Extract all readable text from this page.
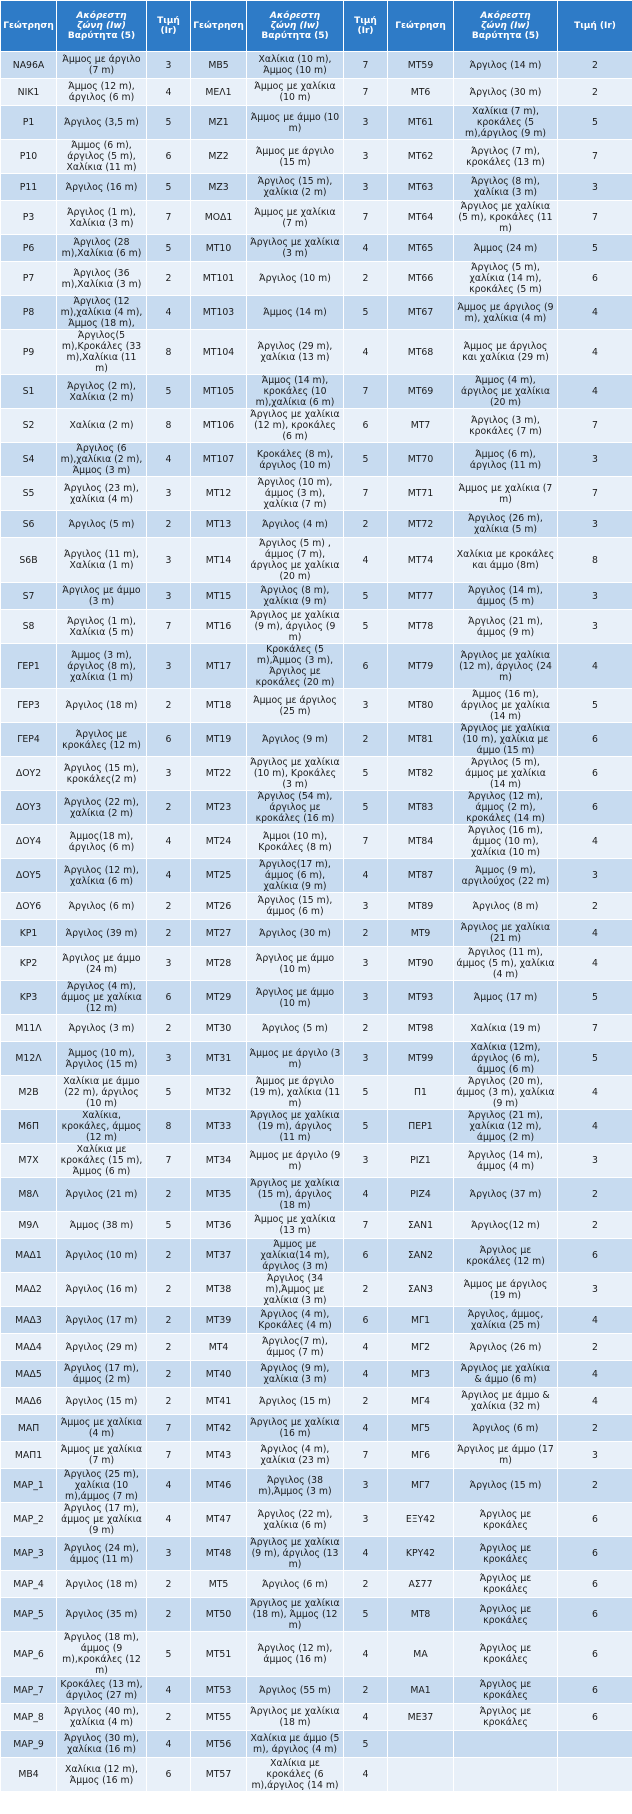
Γεώτρηση	Ακόρεστη
ζώνη (Iw)
Βαρύτητα (5)	Τιμή
(Ir)	Γεώτρηση	Ακόρεστη
ζώνη (Iw)
Βαρύτητα (5)	Τιμή
(Ir)	Γεώτρηση	Ακόρεστη
ζώνη (Iw)
Βαρύτητα (5)	Τιμή (Ir)
ΝΑ96Α	Άμμος με άργιλο (7 m)	3	ΜΒ5	Χαλίκια (10 m), Άμμος (10 m)	7	ΜΤ59	Άργιλος (14 m)	2
ΝΙΚ1	Άμμος (12 m), άργιλος (6 m)	4	ΜΕΛ1	Άμμος με χαλίκια (10 m)	7	ΜΤ6	Άργιλος (30 m)	2
Ρ1	Άργιλος (3,5 m)	5	ΜΖ1	Άμμος με άμμο (10 m)	3	ΜΤ61	Χαλίκια (7 m), κροκάλες (5 m),άργιλος (9 m)	5
Ρ10	Άμμος (6 m), άργιλος (5 m), Χαλίκια (11 m)	6	ΜΖ2	Άμμος με άργιλο (15 m)	3	ΜΤ62	Άργιλος (7 m), κροκάλες (13 m)	7
Ρ11	Άργιλος (16 m)	5	ΜΖ3	Άργιλος (15 m), χαλίκια (2 m)	3	ΜΤ63	Άργιλος (8 m), χαλίκια (3 m)	3
Ρ3	Άργιλος (1 m), Χαλίκια (3 m)	7	ΜΟΔ1	Άμμος με χαλίκια (7 m)	7	ΜΤ64	Άργιλος με χαλίκια (5 m), κροκάλες (11 m)	7
Ρ6	Άργιλος (28 m),Χαλίκια (6 m)	5	ΜΤ10	Άργιλος με χαλίκια (3 m)	4	ΜΤ65	Άμμος (24 m)	5
Ρ7	Άργιλος (36 m),Χαλίκια (3 m)	2	ΜΤ101	Άργιλος (10 m)	2	ΜΤ66	Άργιλος (5 m), χαλίκια (14 m), κροκάλες (5 m)	6
Ρ8	Άργιλος (12 m),χαλίκια (4 m), Άμμος (18 m),	4	ΜΤ103	Άμμος (14 m)	5	ΜΤ67	Άμμος με άργιλος (9 m), χαλίκια (4 m)	4
Ρ9	Άργιλος(5 m),Κροκάλες (33 m),Χαλίκια (11 m)	8	ΜΤ104	Άργιλος (29 m), χαλίκια (13 m)	4	ΜΤ68	Άμμος με άργιλος και χαλίκια (29 m)	4
S1	Άργιλος (2 m), Χαλίκια (2 m)	5	ΜΤ105	Άμμος (14 m), κροκάλες (10 m),χαλίκια (6 m)	7	ΜΤ69	Άμμος (4 m), άργιλος με χαλίκια (20 m)	4
S2	Χαλίκια (2 m)	8	ΜΤ106	Άργιλος με χαλίκια (12 m), κροκάλες (6 m)	6	ΜΤ7	Άργιλος (3 m), κροκάλες (7 m)	7
S4	Άργιλος (6 m),χαλίκια (2 m), Άμμος (3 m)	4	ΜΤ107	Κροκάλες (8 m), άργιλος (10 m)	5	ΜΤ70	Άμμος (6 m), άργιλος (11 m)	3
S5	Άργιλος (23 m), χαλίκια (4 m)	3	ΜΤ12	Άργιλος (10 m), άμμος (3 m), χαλίκια (7 m)	7	ΜΤ71	Άμμος με χαλίκια (7 m)	7
S6	Άργιλος (5 m)	2	ΜΤ13	Άργιλος (4 m)	2	ΜΤ72	Άργιλος (26 m), χαλίκια (5 m)	3
S6B	Άργιλος (11 m), Χαλίκια (1 m)	3	ΜΤ14	Άργιλος (5 m) , άμμος (7 m), άργιλος με χαλίκια (20 m)	4	ΜΤ74	Χαλίκια με κροκάλες και άμμο (8m)	8
S7	Άργιλος με άμμο (3 m)	3	ΜΤ15	Άργιλος (8 m), χαλίκια (9 m)	5	ΜΤ77	Άργιλος (14 m), άμμος (5 m)	3
S8	Άργιλος (1 m), Χαλίκια (5 m)	7	ΜΤ16	Άργιλος με χαλίκια (9 m), άργιλος (9 m)	5	ΜΤ78	Άργιλος (21 m), άμμος (9 m)	3
ΓΕΡ1	Άμμος (3 m), άργιλος (8 m), χαλίκια (1 m)	3	ΜΤ17	Κροκάλες (5 m),Άμμος (3 m), Άργιλος με κροκάλες (20 m)	6	ΜΤ79	Άργιλος με χαλίκια (12 m), άργιλος (24 m)	4
ΓΕΡ3	Άργιλος (18 m)	2	ΜΤ18	Άμμος με άργιλος (25 m)	3	ΜΤ80	Άμμος (16 m), άργιλος με χαλίκια (14 m)	5
ΓΕΡ4	Άργιλος με κροκάλες (12 m)	6	ΜΤ19	Άργιλος (9 m)	2	ΜΤ81	Άργιλος με χαλίκια (10 m), χαλίκια με άμμο (15 m)	6
ΔΟΥ2	Άργιλος (15 m), κροκάλες(2 m)	3	ΜΤ22	Άργιλος με χαλίκια (10 m), Κροκάλες (3 m)	5	ΜΤ82	Άργιλος (5 m), άμμος με χαλίκια (14 m)	6
ΔΟΥ3	Άργιλος (22 m), χαλίκια (2 m)	2	ΜΤ23	Άργιλος (54 m), άργιλος με κροκάλες (16 m)	5	ΜΤ83	Άργιλος (12 m), άμμος (2 m), κροκάλες (14 m)	6
ΔΟΥ4	Άμμος(18 m), άργιλος (6 m)	4	ΜΤ24	Άμμοι (10 m), Κροκάλες (8 m)	7	ΜΤ84	Άργιλος (16 m), άμμος (10 m), χαλίκια (10 m)	4
ΔΟΥ5	Άργιλος (12 m), χαλίκια (6 m)	4	ΜΤ25	Άργιλος(17 m), άμμος (6 m), χαλίκια (9 m)	4	ΜΤ87	Άμμος (9 m), αργιλούχος (22 m)	3
ΔΟΥ6	Άργιλος (6 m)	2	ΜΤ26	Άργιλος (15 m), άμμος (6 m)	3	ΜΤ89	Άργιλος (8 m)	2
ΚΡ1	Άργιλος (39 m)	2	ΜΤ27	Άργιλος (30 m)	2	ΜΤ9	Άργιλος με χαλίκια (21 m)	4
ΚΡ2	Άργιλος με άμμο (24 m)	3	ΜΤ28	Άργιλος με άμμο (10 m)	3	ΜΤ90	Άργιλος (11 m), άμμος (5 m), χαλίκια (4 m)	4
ΚΡ3	Άργιλος (4 m), άμμος με χαλίκια (12 m)	6	ΜΤ29	Άργιλος με άμμο (10 m)	3	ΜΤ93	Άμμος (17 m)	5
Μ11Λ	Άργιλος (3 m)	2	ΜΤ30	Άργιλος (5 m)	2	ΜΤ98	Χαλίκια (19 m)	7
Μ12Λ	Άμμος (10 m), Άργιλος (15 m)	3	ΜΤ31	Άμμος με άργιλο (3 m)	3	ΜΤ99	Χαλίκια (12m), άργιλος (6 m), άμμος (6 m)	5
Μ2Β	Χαλίκια με άμμο (22 m), άργιλος (10 m)	5	ΜΤ32	Άμμος με άργιλο (19 m), χαλίκια (11 m)	5	Π1	Άργιλος (20 m), άμμος (3 m), χαλίκια (9 m)	4
Μ6Π	Χαλίκια, κροκάλες, άμμος (12 m)	8	ΜΤ33	Άργιλος με χαλίκια (19 m), άργιλος (11 m)	5	ΠΕΡ1	Άργιλος (21 m), χαλίκια (12 m), άμμος (2 m)	4
Μ7Χ	Χαλίκια με κροκάλες (15 m), Άμμος (6 m)	7	ΜΤ34	Άμμος με άργιλο (9 m)	3	ΡΙΖ1	Άργιλος (14 m), άμμος (4 m)	3
Μ8Λ	Άργιλος (21 m)	2	ΜΤ35	Άργιλος με χαλίκια (15 m), άργιλος (18 m)	4	ΡΙΖ4	Άργιλος (37 m)	2
Μ9Λ	Άμμος (38 m)	5	ΜΤ36	Άμμος με χαλίκια (13 m)	7	ΣΑΝ1	Άργιλος(12 m)	2
ΜΑΔ1	Άργιλος (10 m)	2	ΜΤ37	Άμμος με χαλίκια(14 m), άργιλος (3 m)	6	ΣΑΝ2	Άργιλος με κροκάλες (12 m)	6
ΜΑΔ2	Άργιλος (16 m)	2	ΜΤ38	Άργιλος (34 m),Άμμος με χαλίκια (3 m)	2	ΣΑΝ3	Άμμος με άργιλος (19 m)	3
ΜΑΔ3	Άργιλος (17 m)	2	ΜΤ39	Άργιλος (4 m), Κροκάλες (4 m)	6	ΜΓ1	Άργιλος, άμμος, χαλίκια (25 m)	4
ΜΑΔ4	Άργιλος (29 m)	2	ΜΤ4	Άργιλος(7 m), άμμος (7 m)	4	ΜΓ2	Άργιλος (26 m)	2
ΜΑΔ5	Άργιλος (17 m), άμμος (2 m)	2	ΜΤ40	Άργιλος (9 m), χαλίκια (3 m)	4	ΜΓ3	Άργιλος με χαλίκια & άμμο (6 m)	4
ΜΑΔ6	Άργιλος (15 m)	2	ΜΤ41	Άργιλος (15 m)	2	ΜΓ4	Άργιλος με άμμο & χαλίκια (32 m)	4
ΜΑΠ	Άμμος με χαλίκια (4 m)	7	ΜΤ42	Άργιλος με χαλίκια (16 m)	4	ΜΓ5	Άργιλος (6 m)	2
ΜΑΠ1	Άμμος με χαλίκια (7 m)	7	ΜΤ43	Άργιλος (4 m), χαλίκια (23 m)	7	ΜΓ6	Άργιλος με άμμο (17 m)	3
ΜΑΡ_1	Άργιλος (25 m), χαλίκια (10 m),άμμος (7 m)	4	ΜΤ46	Άργιλος (38 m),Άμμος (3 m)	3	ΜΓ7	Άργιλος (15 m)	2
ΜΑΡ_2	Άργιλος (17 m), άμμος με χαλίκια (9 m)	4	ΜΤ47	Άργιλος (22 m), χαλίκια (6 m)	3	ΕΞΥ42	Άργιλος με κροκάλες	6
ΜΑΡ_3	Άργιλος (24 m), άμμος (11 m)	3	ΜΤ48	Άργιλος με χαλίκια (9 m), άργιλος (13 m)	4	ΚΡΥ42	Άργιλος με κροκάλες	6
ΜΑΡ_4	Άργιλος (18 m)	2	ΜΤ5	Άργιλος (6 m)	2	ΑΣ77	Άργιλος με κροκάλες	6
ΜΑΡ_5	Άργιλος (35 m)	2	ΜΤ50	Άργιλος με χαλίκια (18 m), Άμμος (12 m)	5	ΜΤ8	Άργιλος με κροκάλες	6
ΜΑΡ_6	Άργιλος (18 m), άμμος (9 m),κροκάλες (12 m)	5	ΜΤ51	Άργιλος (12 m), άμμος (16 m)	4	ΜΑ	Άργιλος με κροκάλες	6
ΜΑΡ_7	Κροκάλες (13 m), άργιλος (27 m)	4	ΜΤ53	Άργιλος (55 m)	2	ΜΑ1	Άργιλος με κροκάλες	6
ΜΑΡ_8	Άργιλος (40 m), χαλίκια (4 m)	2	ΜΤ55	Άργιλος με χαλίκια (18 m)	4	ΜΕ37	Άργιλος με κροκάλες	6
ΜΑΡ_9	Άργιλος (30 m), χαλίκια (16 m)	4	ΜΤ56	Χαλίκια με άμμο (5 m), άργιλος (4 m)	5			
ΜΒ4	Χαλίκια (12 m), Άμμος (16 m)	6	ΜΤ57	Χαλίκια με κροκάλες (6 m),άργιλος (14 m)	4			
